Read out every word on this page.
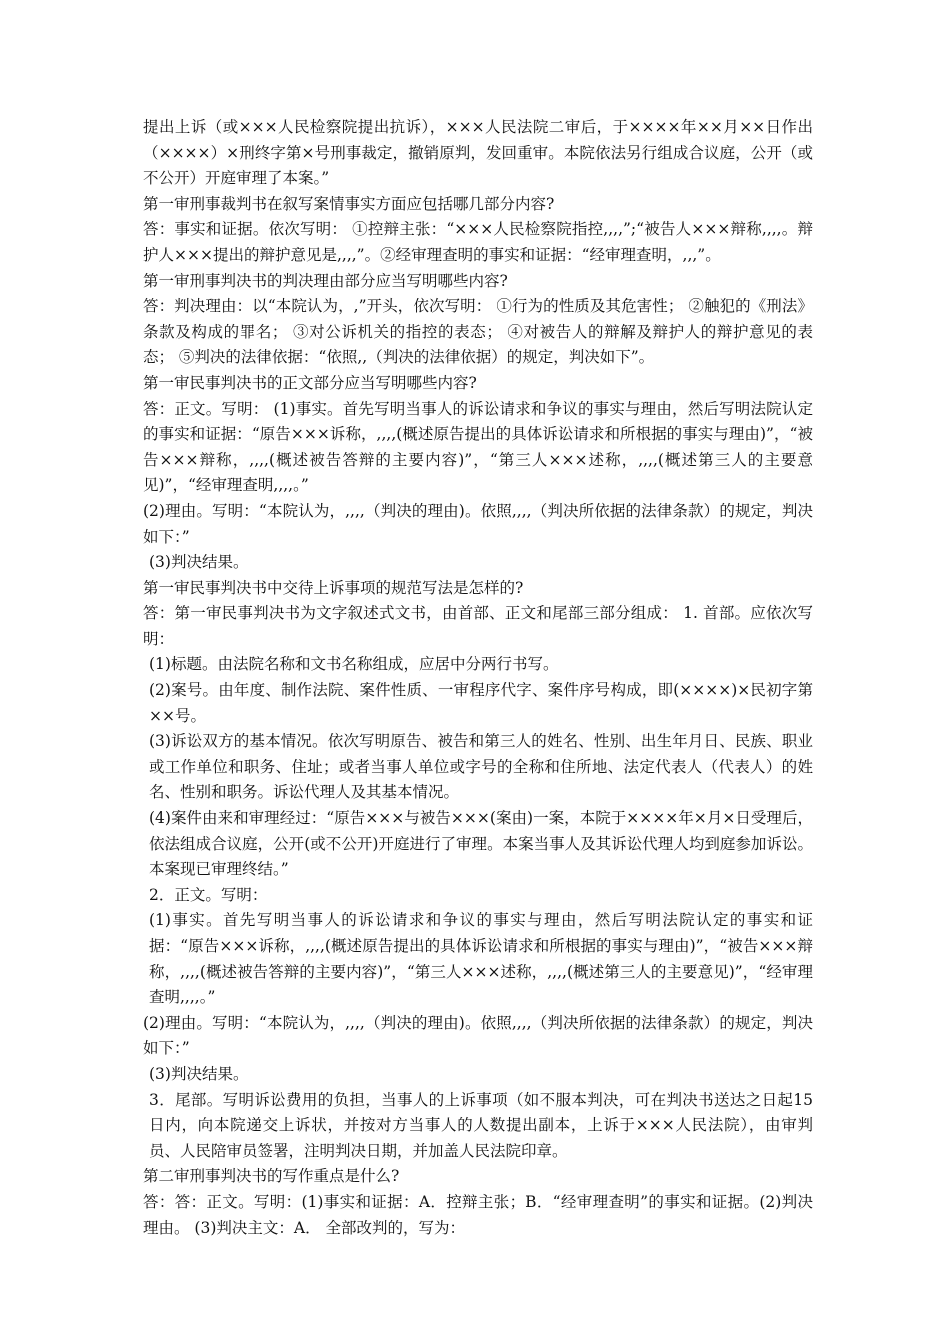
提出上诉（或×××人民检察院提出抗诉），×××人民法院二审后，于××××年××月××日作出（××××）×刑终字第×号刑事裁定，撤销原判，发回重审。本院依法另行组成合议庭，公开（或不公开）开庭审理了本案。”

第一审刑事裁判书在叙写案情事实方面应包括哪几部分内容?

答：事实和证据。依次写明： ①控辩主张：“×××人民检察院指控,,,,”;“被告人×××辩称,,,,。辩护人×××提出的辩护意见是,,,,”。②经审理查明的事实和证据：“经审理查明，,,,”。

第一审刑事判决书的判决理由部分应当写明哪些内容?

答：判决理由：以“本院认为，,”开头，依次写明： ①行为的性质及其危害性； ②触犯的《刑法》条款及构成的罪名； ③对公诉机关的指控的表态； ④对被告人的辩解及辩护人的辩护意见的表态； ⑤判决的法律依据：“依照,,（判决的法律依据）的规定，判决如下”。

第一审民事判决书的正文部分应当写明哪些内容?

答：正文。写明： (1)事实。首先写明当事人的诉讼请求和争议的事实与理由，然后写明法院认定的事实和证据：“原告×××诉称，,,,,(概述原告提出的具体诉讼请求和所根据的事实与理由)”，“被告×××辩称，,,,,(概述被告答辩的主要内容)”，“第三人×××述称，,,,,(概述第三人的主要意见)”，“经审理查明,,,,。”

(2)理由。写明：“本院认为，,,,,（判决的理由)。依照,,,,（判决所依据的法律条款）的规定，判决如下：”

(3)判决结果。

第一审民事判决书中交待上诉事项的规范写法是怎样的?

答：第一审民事判决书为文字叙述式文书，由首部、正文和尾部三部分组成： 1. 首部。应依次写明：

(1)标题。由法院名称和文书名称组成，应居中分两行书写。

(2)案号。由年度、制作法院、案件性质、一审程序代字、案件序号构成，即(××××)×民初字第××号。

(3)诉讼双方的基本情况。依次写明原告、被告和第三人的姓名、性别、出生年月日、民族、职业或工作单位和职务、住址；或者当事人单位或字号的全称和住所地、法定代表人（代表人）的姓名、性别和职务。诉讼代理人及其基本情况。

(4)案件由来和审理经过：“原告×××与被告×××(案由)一案，本院于××××年×月×日受理后，依法组成合议庭，公开(或不公开)开庭进行了审理。本案当事人及其诉讼代理人均到庭参加诉讼。本案现已审理终结。”

2．正文。写明：

(1)事实。首先写明当事人的诉讼请求和争议的事实与理由，然后写明法院认定的事实和证据：“原告×××诉称，,,,,(概述原告提出的具体诉讼请求和所根据的事实与理由)”，“被告×××辩称，,,,,(概述被告答辩的主要内容)”，“第三人×××述称，,,,,(概述第三人的主要意见)”，“经审理查明,,,,。”

(2)理由。写明：“本院认为，,,,,（判决的理由)。依照,,,,（判决所依据的法律条款）的规定，判决如下：”

(3)判决结果。

3．尾部。写明诉讼费用的负担，当事人的上诉事项（如不服本判决，可在判决书送达之日起15日内，向本院递交上诉状，并按对方当事人的人数提出副本，上诉于×××人民法院），由审判员、人民陪审员签署，注明判决日期，并加盖人民法院印章。

第二审刑事判决书的写作重点是什么?

答：答：正文。写明：(1)事实和证据：A．控辩主张；B．“经审理查明”的事实和证据。(2)判决理由。 (3)判决主文：A． 全部改判的，写为：
